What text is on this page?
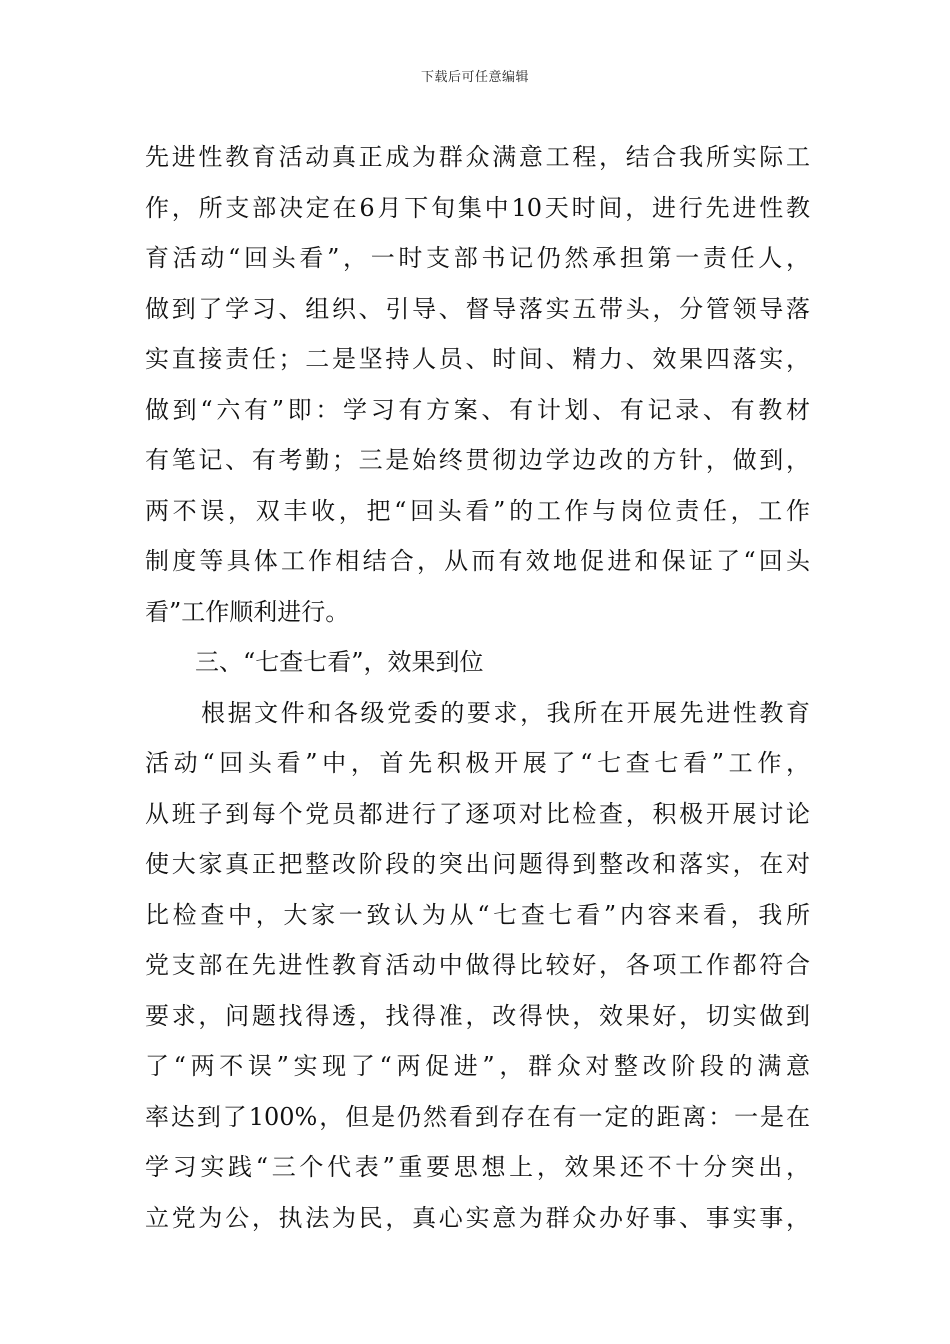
下载后可任意编辑
先进性教育活动真正成为群众满意工程，结合我所实际工
作，所支部决定在6月下旬集中10天时间，进行先进性教
育活动“回头看”，一时支部书记仍然承担第一责任人，
做到了学习、组织、引导、督导落实五带头，分管领导落
实直接责任；二是坚持人员、时间、精力、效果四落实，
做到“六有”即：学习有方案、有计划、有记录、有教材
有笔记、有考勤；三是始终贯彻边学边改的方针，做到，
两不误，双丰收，把“回头看”的工作与岗位责任，工作
制度等具体工作相结合，从而有效地促进和保证了“回头
看”工作顺利进行。
三、“七查七看”，效果到位
根据文件和各级党委的要求，我所在开展先进性教育
活动“回头看”中，首先积极开展了“七查七看”工作，
从班子到每个党员都进行了逐项对比检查，积极开展讨论
使大家真正把整改阶段的突出问题得到整改和落实，在对
比检查中，大家一致认为从“七查七看”内容来看，我所
党支部在先进性教育活动中做得比较好，各项工作都符合
要求，问题找得透，找得准，改得快，效果好，切实做到
了“两不误”实现了“两促进”，群众对整改阶段的满意
率达到了100%，但是仍然看到存在有一定的距离：一是在
学习实践“三个代表”重要思想上，效果还不十分突出，
立党为公，执法为民，真心实意为群众办好事、事实事，
